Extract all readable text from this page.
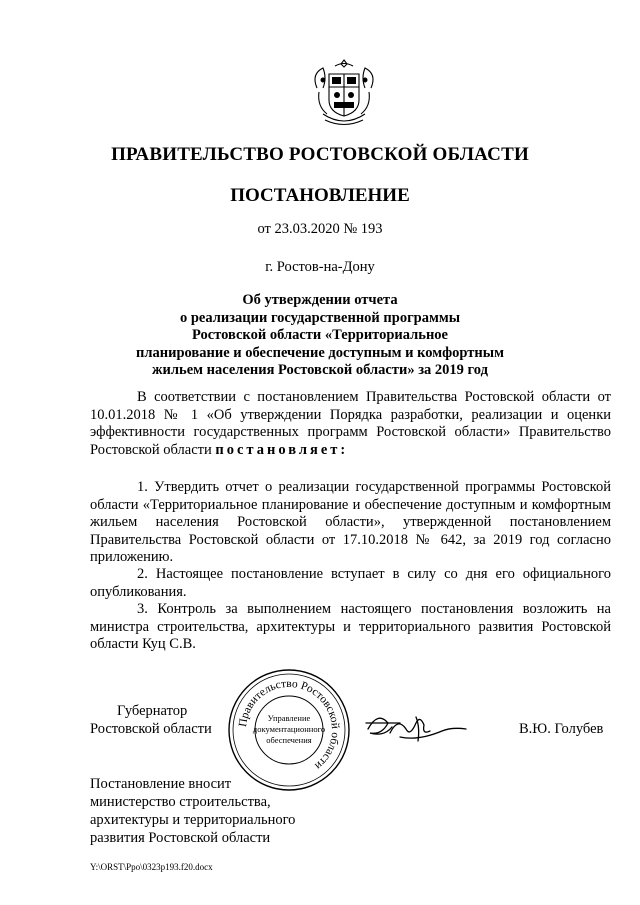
coat-of-arms-of-rostov-oblast
ПРАВИТЕЛЬСТВО РОСТОВСКОЙ ОБЛАСТИ
ПОСТАНОВЛЕНИЕ
от 23.03.2020 № 193
г. Ростов-на-Дону
Об утверждении отчета
о реализации государственной программы
Ростовской области «Территориальное
планирование и обеспечение доступным и комфортным
жильем населения Ростовской области» за 2019 год
В соответствии с постановлением Правительства Ростовской области от 10.01.2018 № 1 «Об утверждении Порядка разработки, реализации и оценки эффективности государственных программ Ростовской области» Правительство Ростовской области постановляет:
1. Утвердить отчет о реализации государственной программы Ростовской области «Территориальное планирование и обеспечение доступным и комфортным жильем населения Ростовской области», утвержденной постановлением Правительства Ростовской области от 17.10.2018 № 642, за 2019 год согласно приложению.
2. Настоящее постановление вступает в силу со дня его официального опубликования.
3. Контроль за выполнением настоящего постановления возложить на министра строительства, архитектуры и территориального развития Ростовской области Куц С.В.
Губернатор
Ростовской области Правительство Ростовской области
Управление
документационного
обеспечения
В.Ю. Голубев
Постановление вносит
министерство строительства,
архитектуры и территориального
развития Ростовской области
Y:\ORST\Ppo\0323p193.f20.docx
